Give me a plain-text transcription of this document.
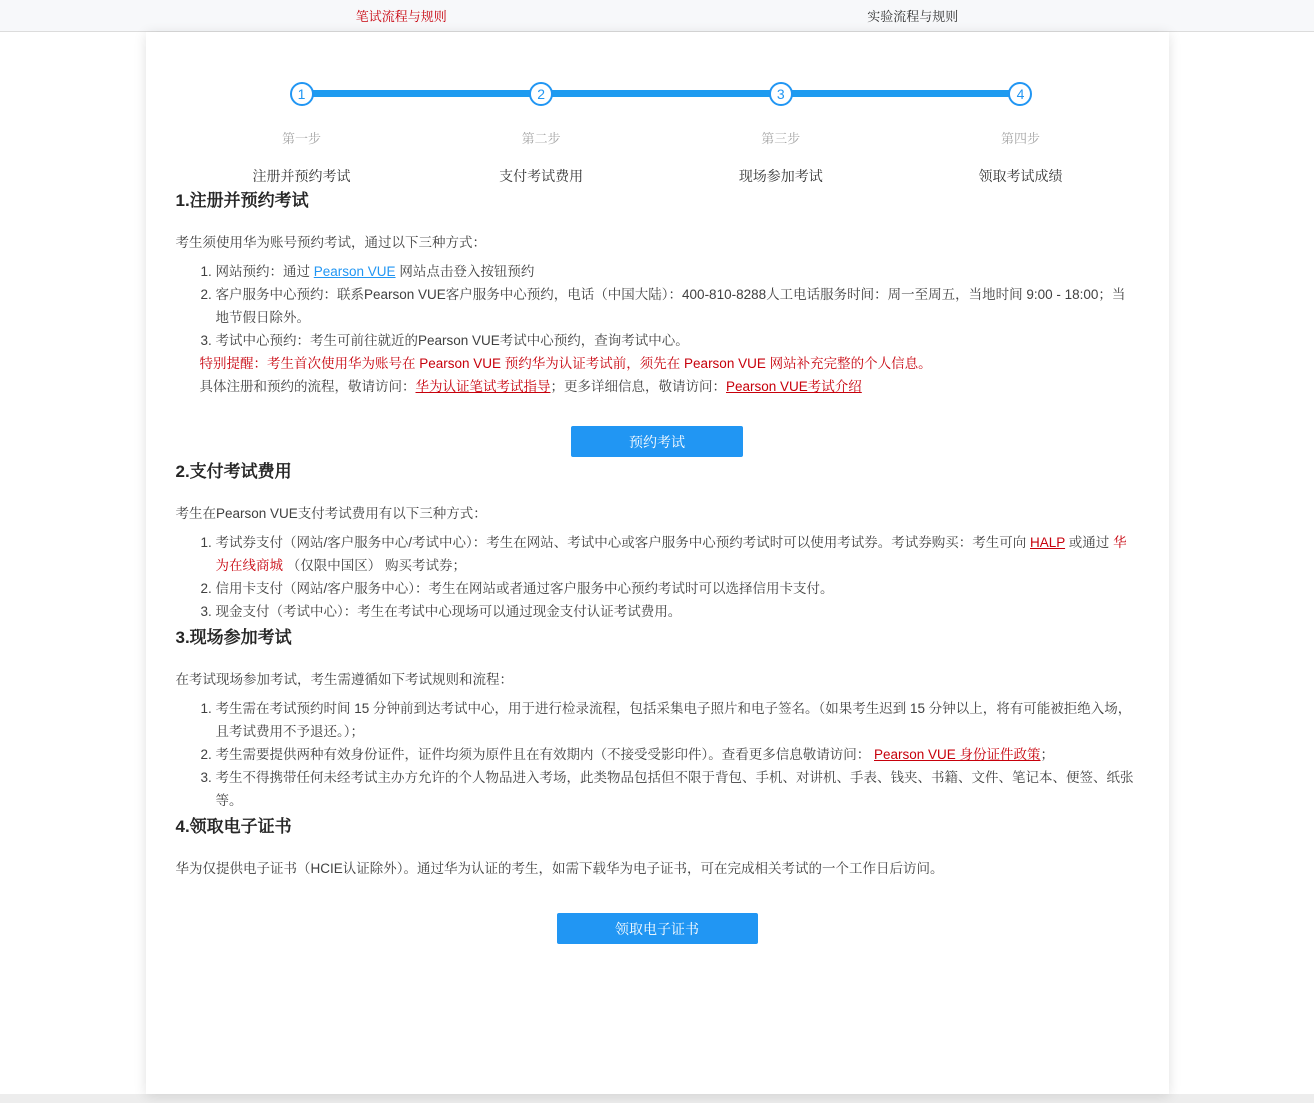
笔试流程与规则	实验流程与规则
1
第一步
注册并预约考试
2
第二步
支付考试费用
3
第三步
现场参加考试
4
第四步
领取考试成绩
1.注册并预约考试

考生须使用华为账号预约考试，通过以下三种方式：

1. 网站预约：通过 Pearson VUE 网站点击登入按钮预约
2. 客户服务中心预约：联系Pearson VUE客户服务中心预约，电话（中国大陆）：400-810-8288人工电话服务时间：周一至周五，当地时间 9:00 - 18:00；当地节假日除外。
3. 考试中心预约：考生可前往就近的Pearson VUE考试中心预约，查询考试中心。
特别提醒：考生首次使用华为账号在 Pearson VUE 预约华为认证考试前，须先在 Pearson VUE 网站补充完整的个人信息。
具体注册和预约的流程，敬请访问：华为认证笔试考试指导；更多详细信息，敬请访问：Pearson VUE考试介绍
预约考试
2.支付考试费用

考生在Pearson VUE支付考试费用有以下三种方式：

1. 考试券支付（网站/客户服务中心/考试中心）：考生在网站、考试中心或客户服务中心预约考试时可以使用考试券。考试券购买：考生可向 HALP 或通过 华为在线商城 （仅限中国区） 购买考试券；
2. 信用卡支付（网站/客户服务中心）：考生在网站或者通过客户服务中心预约考试时可以选择信用卡支付。
3. 现金支付（考试中心）：考生在考试中心现场可以通过现金支付认证考试费用。
3.现场参加考试

在考试现场参加考试，考生需遵循如下考试规则和流程：

1. 考生需在考试预约时间 15 分钟前到达考试中心，用于进行检录流程，包括采集电子照片和电子签名。（如果考生迟到 15 分钟以上，将有可能被拒绝入场，且考试费用不予退还。）；
2. 考生需要提供两种有效身份证件，证件均须为原件且在有效期内（不接受受影印件）。查看更多信息敬请访问： Pearson VUE 身份证件政策；
3. 考生不得携带任何未经考试主办方允许的个人物品进入考场，此类物品包括但不限于背包、手机、对讲机、手表、钱夹、书籍、文件、笔记本、便签、纸张等。
4.领取电子证书

华为仅提供电子证书（HCIE认证除外）。通过华为认证的考生，如需下载华为电子证书，可在完成相关考试的一个工作日后访问。

领取电子证书
